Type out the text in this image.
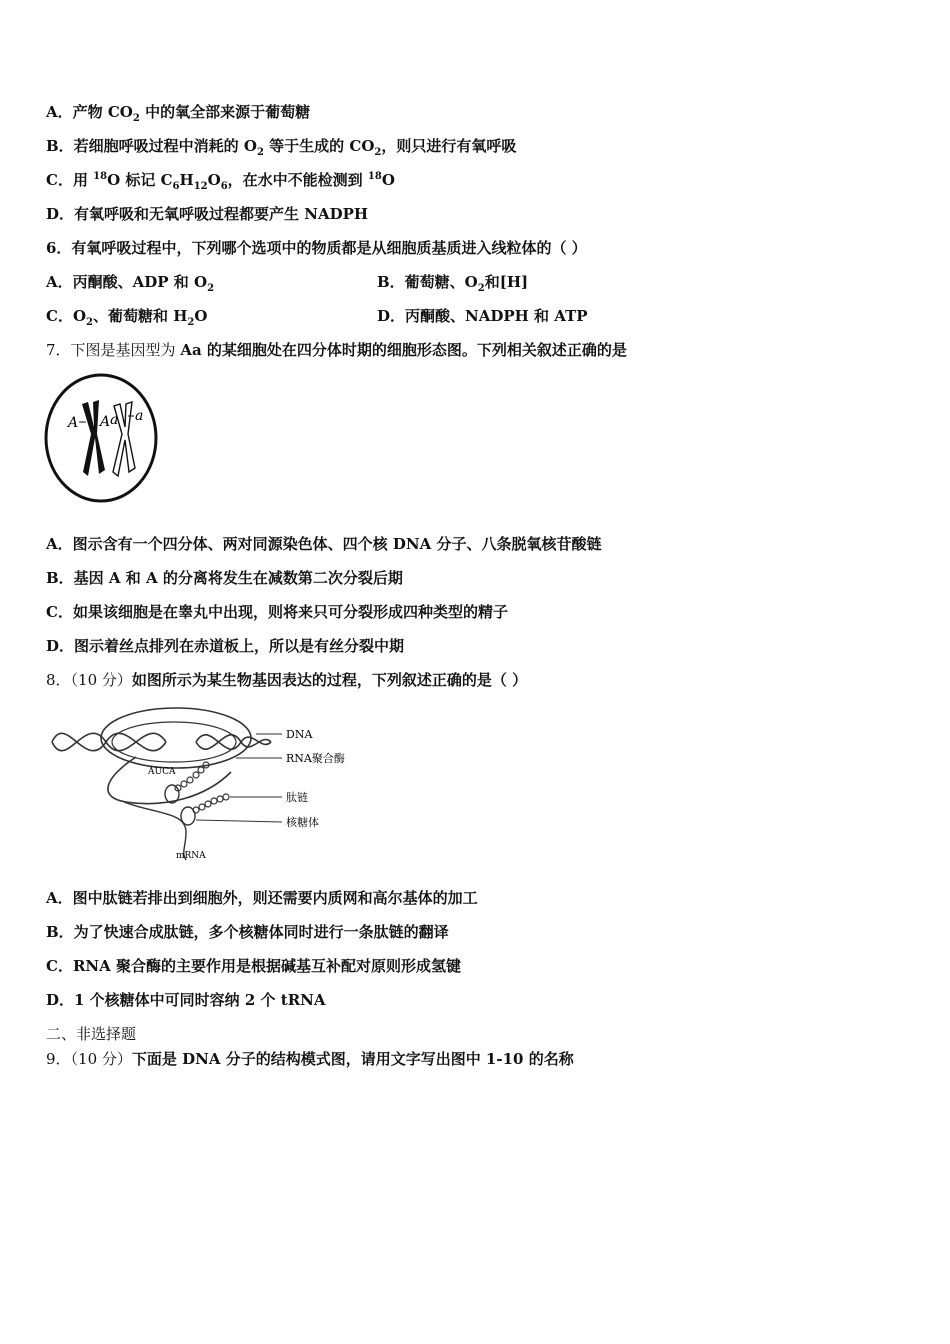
A．产物 $CO_2$ 中的氧全部来源于葡萄糖
B．若细胞呼吸过程中消耗的 $O_2$ 等于生成的 $CO_2$，则只进行有氧呼吸
C．用 $^{18}$O 标记 $C_6H_{12}O_6$，在水中不能检测到 $^{18}$O
D．有氧呼吸和无氧呼吸过程都要产生 NADPH
6．有氧呼吸过程中，下列哪个选项中的物质都是从细胞质基质进入线粒体的（ ）
A．丙酮酸、ADP 和 $O_2$	B．葡萄糖、$O_2$和[H]
C．$O_2$、葡萄糖和 $H_2O$	D．丙酮酸、NADPH 和 ATP
7．下图是基因型为 Aa 的某细胞处在四分体时期的细胞形态图。下列相关叙述正确的是
A A a a
A．图示含有一个四分体、两对同源染色体、四个核 DNA 分子、八条脱氧核苷酸链
B．基因 A 和 A 的分离将发生在减数第二次分裂后期
C．如果该细胞是在睾丸中出现，则将来只可分裂形成四种类型的精子
D．图示着丝点排列在赤道板上，所以是有丝分裂中期
8．（10 分）如图所示为某生物基因表达的过程，下列叙述正确的是（ ）
AUCA
DNA
RNA聚合酶
肽链
核糖体
mRNA
A．图中肽链若排出到细胞外，则还需要内质网和高尔基体的加工
B．为了快速合成肽链，多个核糖体同时进行一条肽链的翻译
C．RNA 聚合酶的主要作用是根据碱基互补配对原则形成氢键
D．1 个核糖体中可同时容纳 2 个 tRNA
二、非选择题
9．（10 分）下面是 DNA 分子的结构模式图，请用文字写出图中 1-10 的名称
